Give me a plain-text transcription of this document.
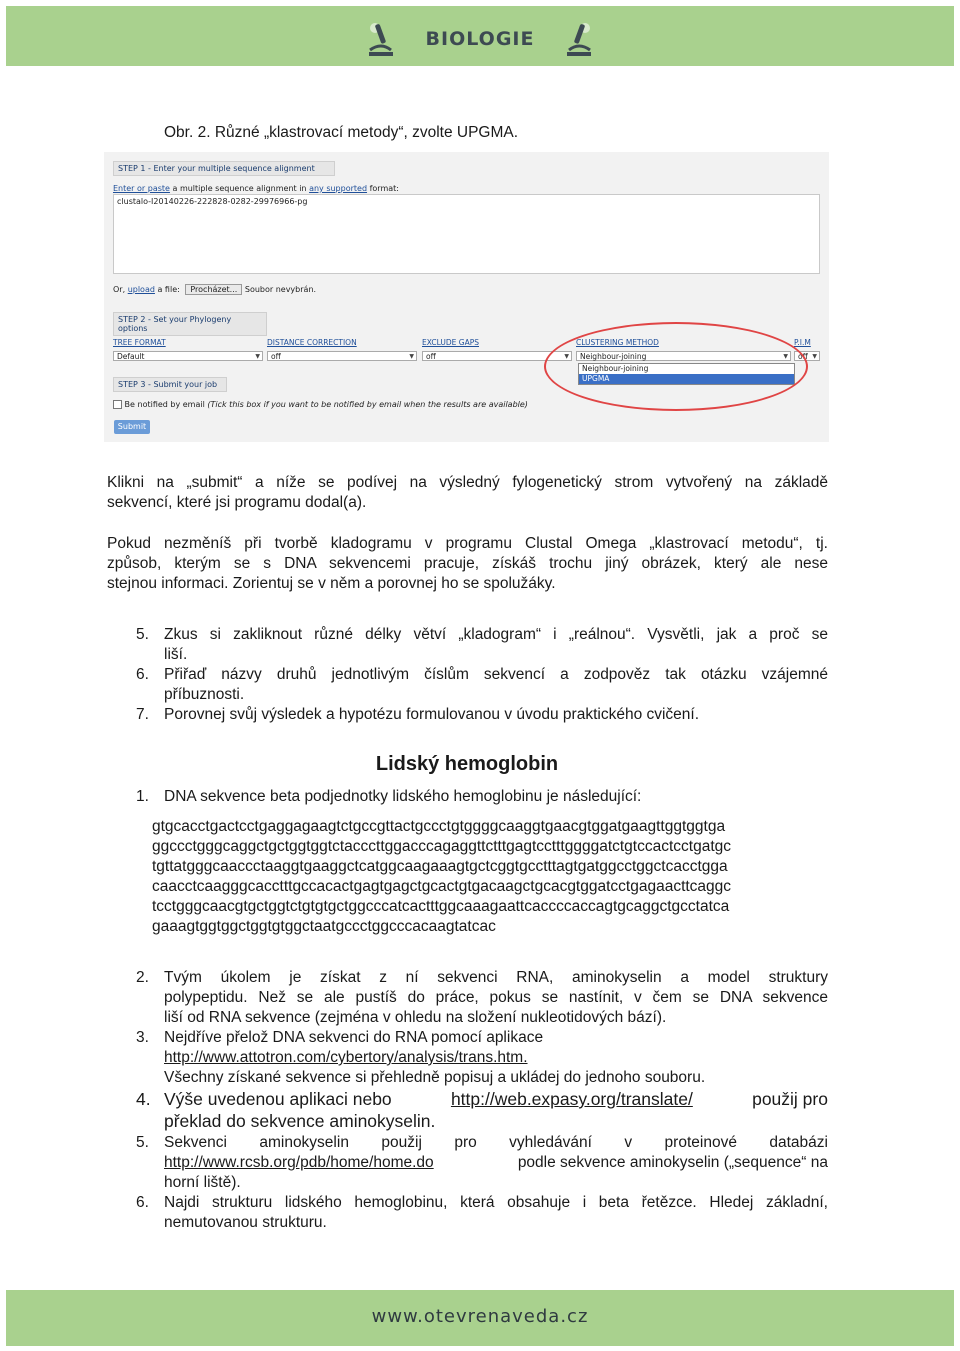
BIOLOGIE
Obr. 2. Různé „klastrovací metody“, zvolte UPGMA.
STEP 1 - Enter your multiple sequence alignment
Enter or paste a multiple sequence alignment in any supported format:
clustalo-I20140226-222828-0282-29976966-pg
Or, upload a file: Procházet... Soubor nevybrán.
STEP 2 - Set your Phylogeny options
TREE FORMAT	DISTANCE CORRECTION	EXCLUDE GAPS	CLUSTERING METHOD	P.I.M
Default	▼	off	▼	off	▼	Neighbour-joining	▼	off ▼
Neighbour-joining
UPGMA
STEP 3 - Submit your job
Be notified by email (Tick this box if you want to be notified by email when the results are available)
Submit
Klikni na „submit“ a níže se podívej na výsledný fylogenetický strom vytvořený na základě
sekvencí, které jsi programu dodal(a).
Pokud nezměníš při tvorbě kladogramu v programu Clustal Omega „klastrovací metodu“, tj.
způsob, kterým se s DNA sekvencemi pracuje, získáš trochu jiný obrázek, který ale nese
stejnou informaci. Zorientuj se v něm a porovnej ho se spolužáky.
5. Zkus si zakliknout různé délky větví „kladogram“ i „reálnou“. Vysvětli, jak a proč se
liší.
6. Přiřaď názvy druhů jednotlivým číslům sekvencí a zodpověz tak otázku vzájemné
příbuznosti.
7. Porovnej svůj výsledek a hypotézu formulovanou v úvodu praktického cvičení.
Lidský hemoglobin
1. DNA sekvence beta podjednotky lidského hemoglobinu je následující:
gtgcacctgactcctgaggagaagtctgccgttactgccctgtggggcaaggtgaacgtggatgaagttggtggtga
ggccctgggcaggctgctggtggtctacccttggacccagaggttctttgagtcctttggggatctgtccactcctgatgc
tgttatgggcaaccctaaggtgaaggctcatggcaagaaagtgctcggtgcctttagtgatggcctggctcacctgga
caacctcaagggcacctttgccacactgagtgagctgcactgtgacaagctgcacgtggatcctgagaacttcaggc
tcctgggcaacgtgctggtctgtgtgctggcccatcactttggcaaagaattcaccccaccagtgcaggctgcctatca
gaaagtggtggctggtgtggctaatgccctggcccacaagtatcac
2. Tvým úkolem je získat z ní sekvenci RNA, aminokyselin a model struktury
polypeptidu. Než se ale pustíš do práce, pokus se nastínit, v čem se DNA sekvence
liší od RNA sekvence (zejména v ohledu na složení nukleotidových bází).
3. Nejdříve přelož DNA sekvenci do RNA pomocí aplikace
http://www.attotron.com/cybertory/analysis/trans.htm.
Všechny získané sekvence si přehledně popisuj a ukládej do jednoho souboru.
4. Výše uvedenou aplikaci nebo	http://web.expasy.org/translate/	použij pro
překlad do sekvence aminokyselin.
5. Sekvenci aminokyselin použij pro vyhledávání v proteinové databázi
http://www.rcsb.org/pdb/home/home.do	podle sekvence aminokyselin („sequence“ na
horní liště).
6. Najdi strukturu lidského hemoglobinu, která obsahuje i beta řetězce. Hledej základní,
nemutovanou strukturu.
www.otevrenaveda.cz
